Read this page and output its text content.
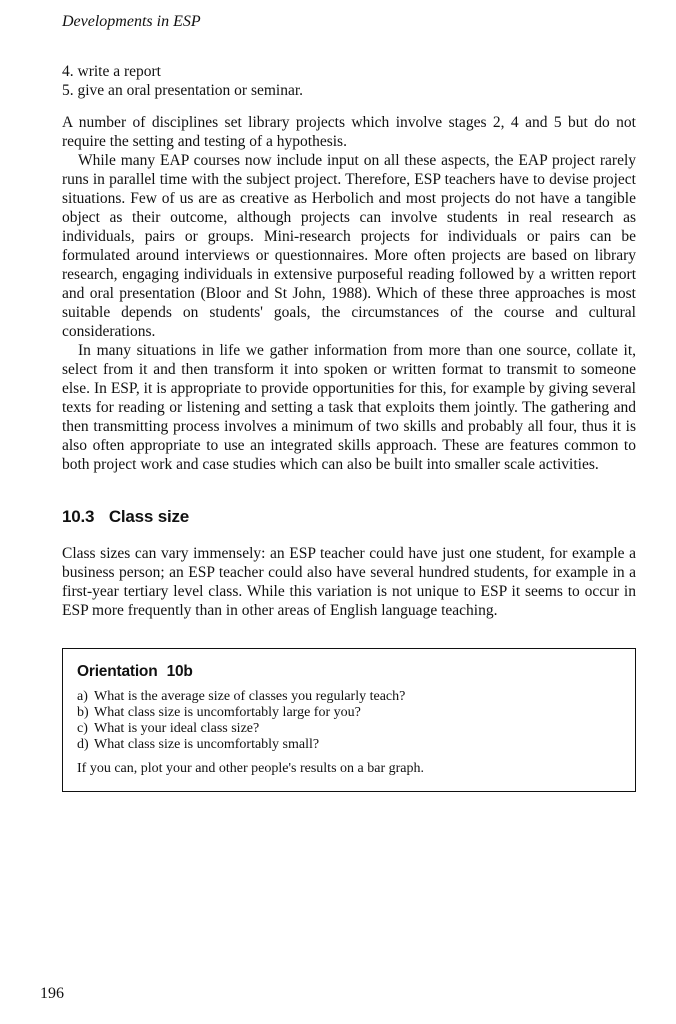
Developments in ESP

4. write a report

5. give an oral presentation or seminar.

A number of disciplines set library projects which involve stages 2, 4 and 5 but do not require the setting and testing of a hypothesis.

While many EAP courses now include input on all these aspects, the EAP project rarely runs in parallel time with the subject project. Therefore, ESP teachers have to devise project situations. Few of us are as creative as Herbolich and most projects do not have a tangible object as their outcome, although projects can involve students in real research as individuals, pairs or groups. Mini-research projects for individuals or pairs can be formulated around interviews or questionnaires. More often projects are based on library research, engaging individuals in extensive purposeful reading followed by a written report and oral presentation (Bloor and St John, 1988). Which of these three approaches is most suitable depends on students' goals, the circumstances of the course and cultural considerations.

In many situations in life we gather information from more than one source, collate it, select from it and then transform it into spoken or written format to transmit to someone else. In ESP, it is appropriate to provide opportunities for this, for example by giving several texts for reading or listening and setting a task that exploits them jointly. The gathering and then transmitting process involves a minimum of two skills and probably all four, thus it is also often appropriate to use an integrated skills approach. These are features common to both project work and case studies which can also be built into smaller scale activities.

10.3 Class size

Class sizes can vary immensely: an ESP teacher could have just one student, for example a business person; an ESP teacher could also have several hundred students, for example in a first-year tertiary level class. While this variation is not unique to ESP it seems to occur in ESP more frequently than in other areas of English language teaching.

Orientation 10b

a) What is the average size of classes you regularly teach?

b) What class size is uncomfortably large for you?

c) What is your ideal class size?

d) What class size is uncomfortably small?

If you can, plot your and other people's results on a bar graph.

196
